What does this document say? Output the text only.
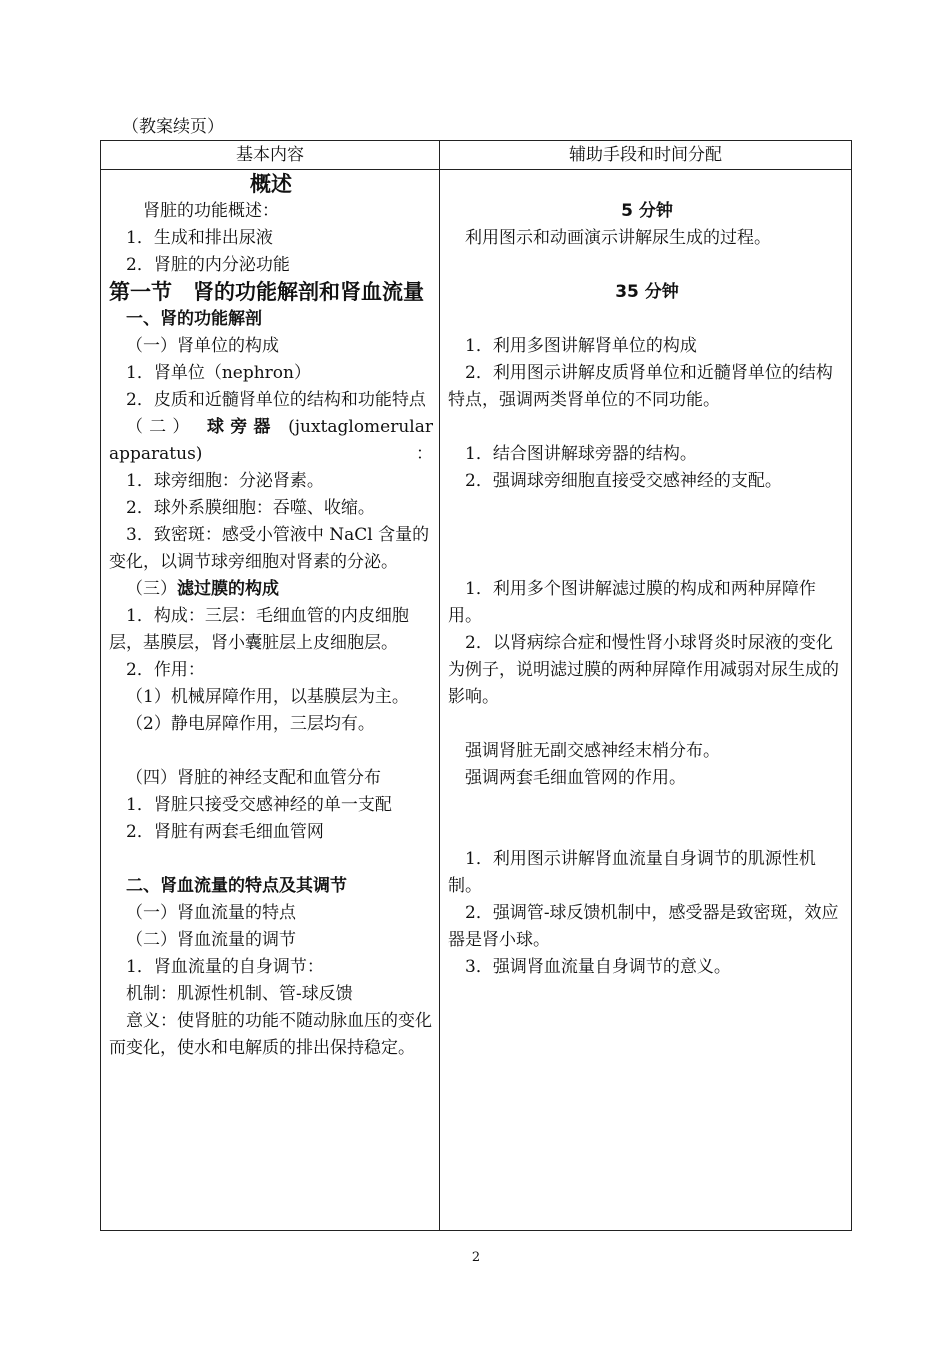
（教案续页）
基本内容	辅助手段和时间分配

概述

肾脏的功能概述：

1．生成和排出尿液

2．肾脏的内分泌功能

第一节　肾的功能解剖和肾血流量

一、肾的功能解剖

（一）肾单位的构成

1．肾单位（nephron）

2．皮质和近髓肾单位的结构和功能特点

（二） 球旁器 (juxtaglomerular apparatus)：

1．球旁细胞：分泌肾素。

2．球外系膜细胞：吞噬、收缩。

3．致密斑：感受小管液中 NaCl 含量的变化，以调节球旁细胞对肾素的分泌。

（三）滤过膜的构成

1．构成：三层：毛细血管的内皮细胞层，基膜层，肾小囊脏层上皮细胞层。

2．作用：

（1）机械屏障作用，以基膜层为主。

（2）静电屏障作用，三层均有。

（四）肾脏的神经支配和血管分布

1．肾脏只接受交感神经的单一支配

2．肾脏有两套毛细血管网

二、肾血流量的特点及其调节

（一）肾血流量的特点

（二）肾血流量的调节

1．肾血流量的自身调节：

机制：肌源性机制、管-球反馈

意义：使肾脏的功能不随动脉血压的变化而变化，使水和电解质的排出保持稳定。

5 分钟

利用图示和动画演示讲解尿生成的过程。

35 分钟

1．利用多图讲解肾单位的构成

2．利用图示讲解皮质肾单位和近髓肾单位的结构特点，强调两类肾单位的不同功能。

1．结合图讲解球旁器的结构。

2．强调球旁细胞直接受交感神经的支配。

1．利用多个图讲解滤过膜的构成和两种屏障作用。

2．以肾病综合症和慢性肾小球肾炎时尿液的变化为例子，说明滤过膜的两种屏障作用减弱对尿生成的影响。

强调肾脏无副交感神经末梢分布。

强调两套毛细血管网的作用。

1．利用图示讲解肾血流量自身调节的肌源性机制。

2．强调管-球反馈机制中，感受器是致密斑，效应器是肾小球。

3．强调肾血流量自身调节的意义。

2
